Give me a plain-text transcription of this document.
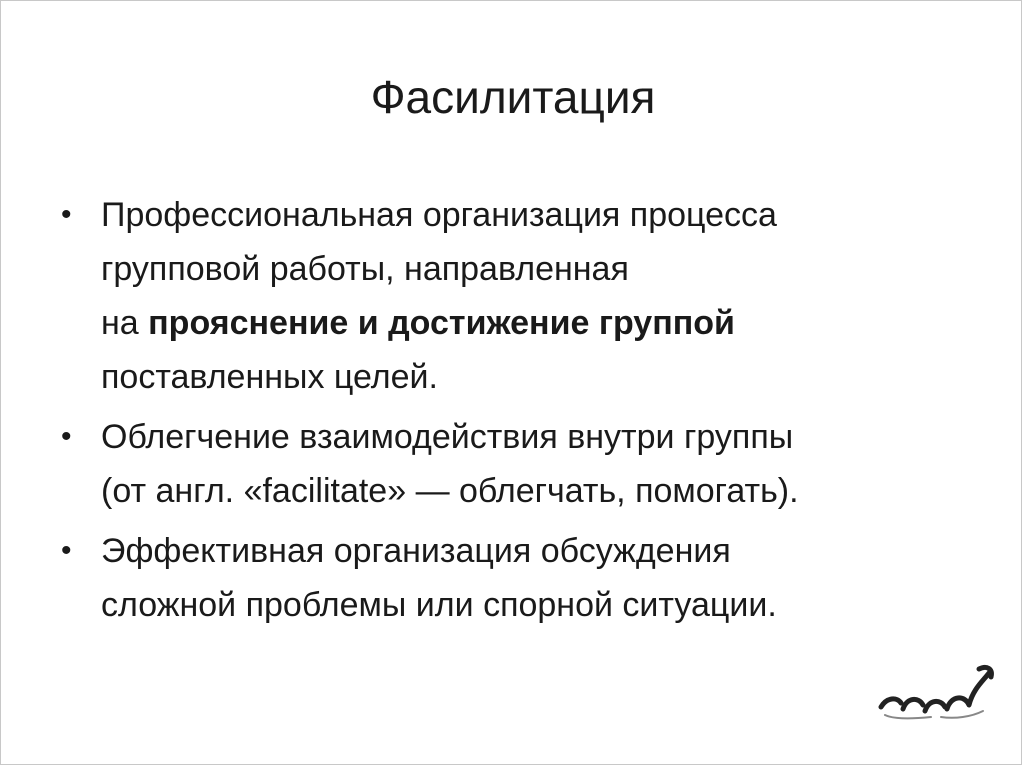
Фасилитация
• Профессиональная организация процесса
групповой работы, направленная
на прояснение и достижение группой
поставленных целей.
• Облегчение взаимодействия внутри группы
(от англ. «facilitate» — облегчать, помогать).
• Эффективная организация обсуждения
сложной проблемы или спорной ситуации.
